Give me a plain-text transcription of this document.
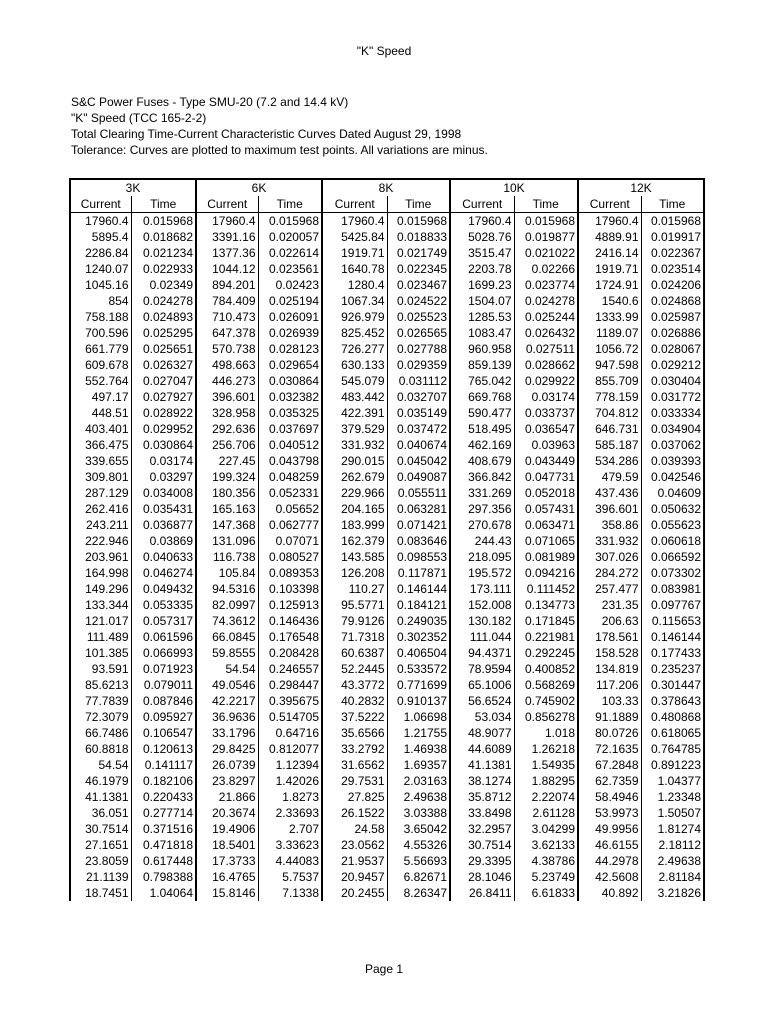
"K" Speed
S&C Power Fuses - Type SMU-20 (7.2 and 14.4 kV)
"K" Speed (TCC 165-2-2)
Total Clearing Time-Current Characteristic Curves Dated August 29, 1998
Tolerance: Curves are plotted to maximum test points. All variations are minus.
3K		6K		8K		10K		12K	
Current	Time	Current	Time	Current	Time	Current	Time	Current	Time
17960.4	0.015968	17960.4	0.015968	17960.4	0.015968	17960.4	0.015968	17960.4	0.015968
5895.4	0.018682	3391.16	0.020057	5425.84	0.018833	5028.76	0.019877	4889.91	0.019917
2286.84	0.021234	1377.36	0.022614	1919.71	0.021749	3515.47	0.021022	2416.14	0.022367
1240.07	0.022933	1044.12	0.023561	1640.78	0.022345	2203.78	0.02266	1919.71	0.023514
1045.16	0.02349	894.201	0.02423	1280.4	0.023467	1699.23	0.023774	1724.91	0.024206
854	0.024278	784.409	0.025194	1067.34	0.024522	1504.07	0.024278	1540.6	0.024868
758.188	0.024893	710.473	0.026091	926.979	0.025523	1285.53	0.025244	1333.99	0.025987
700.596	0.025295	647.378	0.026939	825.452	0.026565	1083.47	0.026432	1189.07	0.026886
661.779	0.025651	570.738	0.028123	726.277	0.027788	960.958	0.027511	1056.72	0.028067
609.678	0.026327	498.663	0.029654	630.133	0.029359	859.139	0.028662	947.598	0.029212
552.764	0.027047	446.273	0.030864	545.079	0.031112	765.042	0.029922	855.709	0.030404
497.17	0.027927	396.601	0.032382	483.442	0.032707	669.768	0.03174	778.159	0.031772
448.51	0.028922	328.958	0.035325	422.391	0.035149	590.477	0.033737	704.812	0.033334
403.401	0.029952	292.636	0.037697	379.529	0.037472	518.495	0.036547	646.731	0.034904
366.475	0.030864	256.706	0.040512	331.932	0.040674	462.169	0.03963	585.187	0.037062
339.655	0.03174	227.45	0.043798	290.015	0.045042	408.679	0.043449	534.286	0.039393
309.801	0.03297	199.324	0.048259	262.679	0.049087	366.842	0.047731	479.59	0.042546
287.129	0.034008	180.356	0.052331	229.966	0.055511	331.269	0.052018	437.436	0.04609
262.416	0.035431	165.163	0.05652	204.165	0.063281	297.356	0.057431	396.601	0.050632
243.211	0.036877	147.368	0.062777	183.999	0.071421	270.678	0.063471	358.86	0.055623
222.946	0.03869	131.096	0.07071	162.379	0.083646	244.43	0.071065	331.932	0.060618
203.961	0.040633	116.738	0.080527	143.585	0.098553	218.095	0.081989	307.026	0.066592
164.998	0.046274	105.84	0.089353	126.208	0.117871	195.572	0.094216	284.272	0.073302
149.296	0.049432	94.5316	0.103398	110.27	0.146144	173.111	0.111452	257.477	0.083981
133.344	0.053335	82.0997	0.125913	95.5771	0.184121	152.008	0.134773	231.35	0.097767
121.017	0.057317	74.3612	0.146436	79.9126	0.249035	130.182	0.171845	206.63	0.115653
111.489	0.061596	66.0845	0.176548	71.7318	0.302352	111.044	0.221981	178.561	0.146144
101.385	0.066993	59.8555	0.208428	60.6387	0.406504	94.4371	0.292245	158.528	0.177433
93.591	0.071923	54.54	0.246557	52.2445	0.533572	78.9594	0.400852	134.819	0.235237
85.6213	0.079011	49.0546	0.298447	43.3772	0.771699	65.1006	0.568269	117.206	0.301447
77.7839	0.087846	42.2217	0.395675	40.2832	0.910137	56.6524	0.745902	103.33	0.378643
72.3079	0.095927	36.9636	0.514705	37.5222	1.06698	53.034	0.856278	91.1889	0.480868
66.7486	0.106547	33.1796	0.64716	35.6566	1.21755	48.9077	1.018	80.0726	0.618065
60.8818	0.120613	29.8425	0.812077	33.2792	1.46938	44.6089	1.26218	72.1635	0.764785
54.54	0.141117	26.0739	1.12394	31.6562	1.69357	41.1381	1.54935	67.2848	0.891223
46.1979	0.182106	23.8297	1.42026	29.7531	2.03163	38.1274	1.88295	62.7359	1.04377
41.1381	0.220433	21.866	1.8273	27.825	2.49638	35.8712	2.22074	58.4946	1.23348
36.051	0.277714	20.3674	2.33693	26.1522	3.03388	33.8498	2.61128	53.9973	1.50507
30.7514	0.371516	19.4906	2.707	24.58	3.65042	32.2957	3.04299	49.9956	1.81274
27.1651	0.471818	18.5401	3.33623	23.0562	4.55326	30.7514	3.62133	46.6155	2.18112
23.8059	0.617448	17.3733	4.44083	21.9537	5.56693	29.3395	4.38786	44.2978	2.49638
21.1139	0.798388	16.4765	5.7537	20.9457	6.82671	28.1046	5.23749	42.5608	2.81184
18.7451	1.04064	15.8146	7.1338	20.2455	8.26347	26.8411	6.61833	40.892	3.21826
Page 1
